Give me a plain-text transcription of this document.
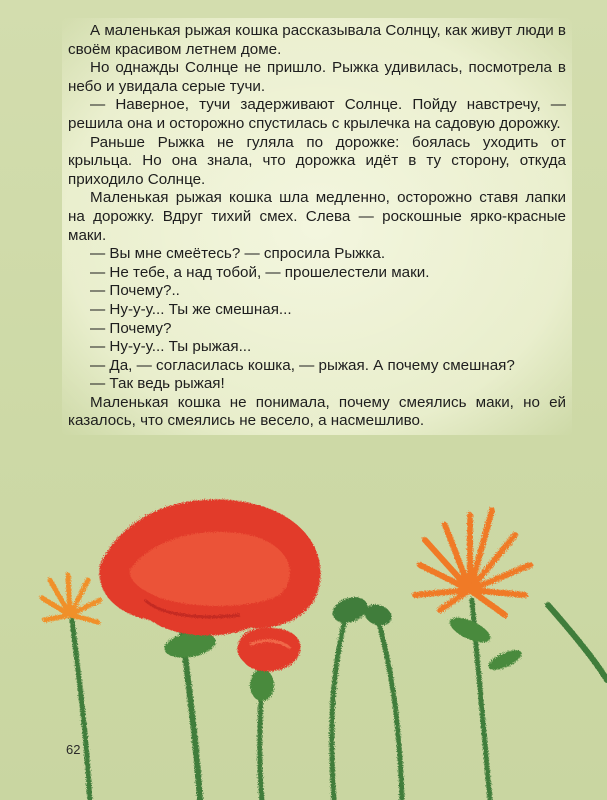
А маленькая рыжая кошка рассказывала Солнцу, как живут люди в своём красивом летнем доме.

Но однажды Солнце не пришло. Рыжка удивилась, посмотрела в небо и увидала серые тучи.

— Наверное, тучи задерживают Солнце. Пойду навстречу, — решила она и осторожно спустилась с крылечка на садовую дорожку.

Раньше Рыжка не гуляла по дорожке: боялась уходить от крыльца. Но она знала, что дорожка идёт в ту сторону, откуда приходило Солнце.

Маленькая рыжая кошка шла медленно, осторожно ставя лапки на дорожку. Вдруг тихий смех. Слева — роскошные ярко-красные маки.

— Вы мне смеётесь? — спросила Рыжка.

— Не тебе, а над тобой, — прошелестели маки.

— Почему?..

— Ну-у-у... Ты же смешная...

— Почему?

— Ну-у-у... Ты рыжая...

— Да, — согласилась кошка, — рыжая. А почему смешная?

— Так ведь рыжая!

Маленькая кошка не понимала, почему смеялись маки, но ей казалось, что смеялись не весело, а насмешливо.

62
